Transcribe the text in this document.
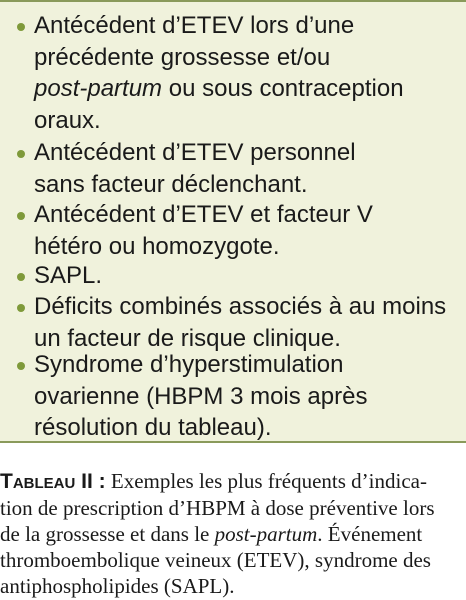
Antécédent d’ETEV lors d’une
précédente grossesse et/ou
post-partum ou sous contraception
oraux.
Antécédent d’ETEV personnel
sans facteur déclenchant.
Antécédent d’ETEV et facteur V
hétéro ou homozygote.
SAPL.
Déficits combinés associés à au moins
un facteur de risque clinique.
Syndrome d’hyperstimulation
ovarienne (HBPM 3 mois après
résolution du tableau).
Tableau II : Exemples les plus fréquents d’indica-
tion de prescription d’HBPM à dose préventive lors
de la grossesse et dans le post-partum. Événement
thromboembolique veineux (ETEV), syndrome des
antiphospholipides (SAPL).
